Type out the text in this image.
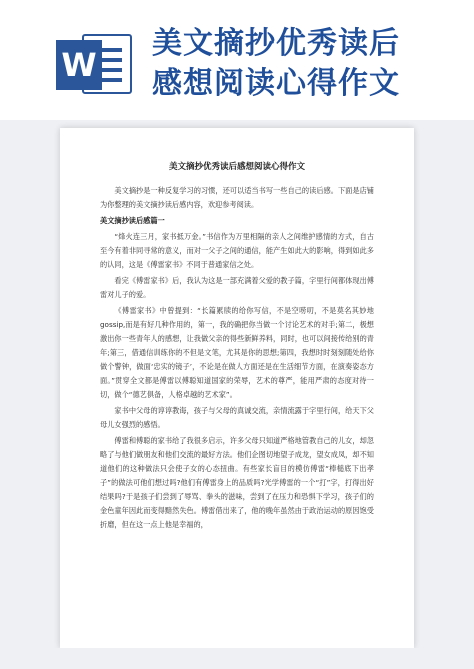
W
美文摘抄优秀读后
感想阅读心得作文
美文摘抄优秀读后感想阅读心得作文
美文摘抄是一种反复学习的习惯，还可以适当书写一些自己的读后感。下面是店铺为你整理的美文摘抄读后感内容，欢迎参考阅读。
美文摘抄读后感篇一
“烽火连三月，家书抵万金。”书信作为万里相隔的亲人之间维护感情的方式，自古至今有着非同寻常的意义，而对一父子之间的通信，能产生如此大的影响，得到如此多的认同，这是《傅雷家书》不同于普通家信之处。
看完《傅雷家书》后，我认为这是一部充满着父爱的教子篇，字里行间都体现出傅雷对儿子的爱。
《傅雷家书》中曾提到：“长篇累牍的给你写信，不是空唠叨，不是莫名其妙地gossip,而是有好几种作用的，第一，我的确把你当做一个讨论艺术的对手;第二，极想激出你一些青年人的感想，让我做父亲的得些新鲜养料，同时，也可以间接传给别的青年;第三，借通信训练你的不但是文笔，尤其是你的思想;第四，我想时时刻刻随处给你做个警钟，做面‘忠实的镜子’，不论是在做人方面还是在生活细节方面，在演奏姿态方面。”贯穿全文都是傅雷以傅聪知道国家的荣辱，艺术的尊严，能用严肃的态度对待一切，做个“德艺俱备，人格卓越的艺术家”。
家书中父母的谆谆教诲，孩子与父母的真诚交流，亲情流露于字里行间，给天下父母儿女强烈的感悟。
傅雷和傅聪的家书给了我很多启示，许多父母只知道严格地管教自己的儿女，却忽略了与他们做朋友和他们交流的最好方法。他们企图切地望子成龙，望女成凤，却不知道他们的这种做法只会使子女的心态扭曲。有些家长盲目的模仿傅雷“棒槌底下出孝子”的做法可他们想过吗?他们有傅雷身上的品质吗?光学傅雷的一个“打”字，打得出好结果吗?于是孩子们尝到了辱骂、拳头的滋味，尝到了在压力和恐惧下学习，孩子们的金色童年因此而变得黯然失色。傅雷借出来了，他的晚年虽然由于政治运动的原因饱受折磨，但在这一点上他是幸福的，
